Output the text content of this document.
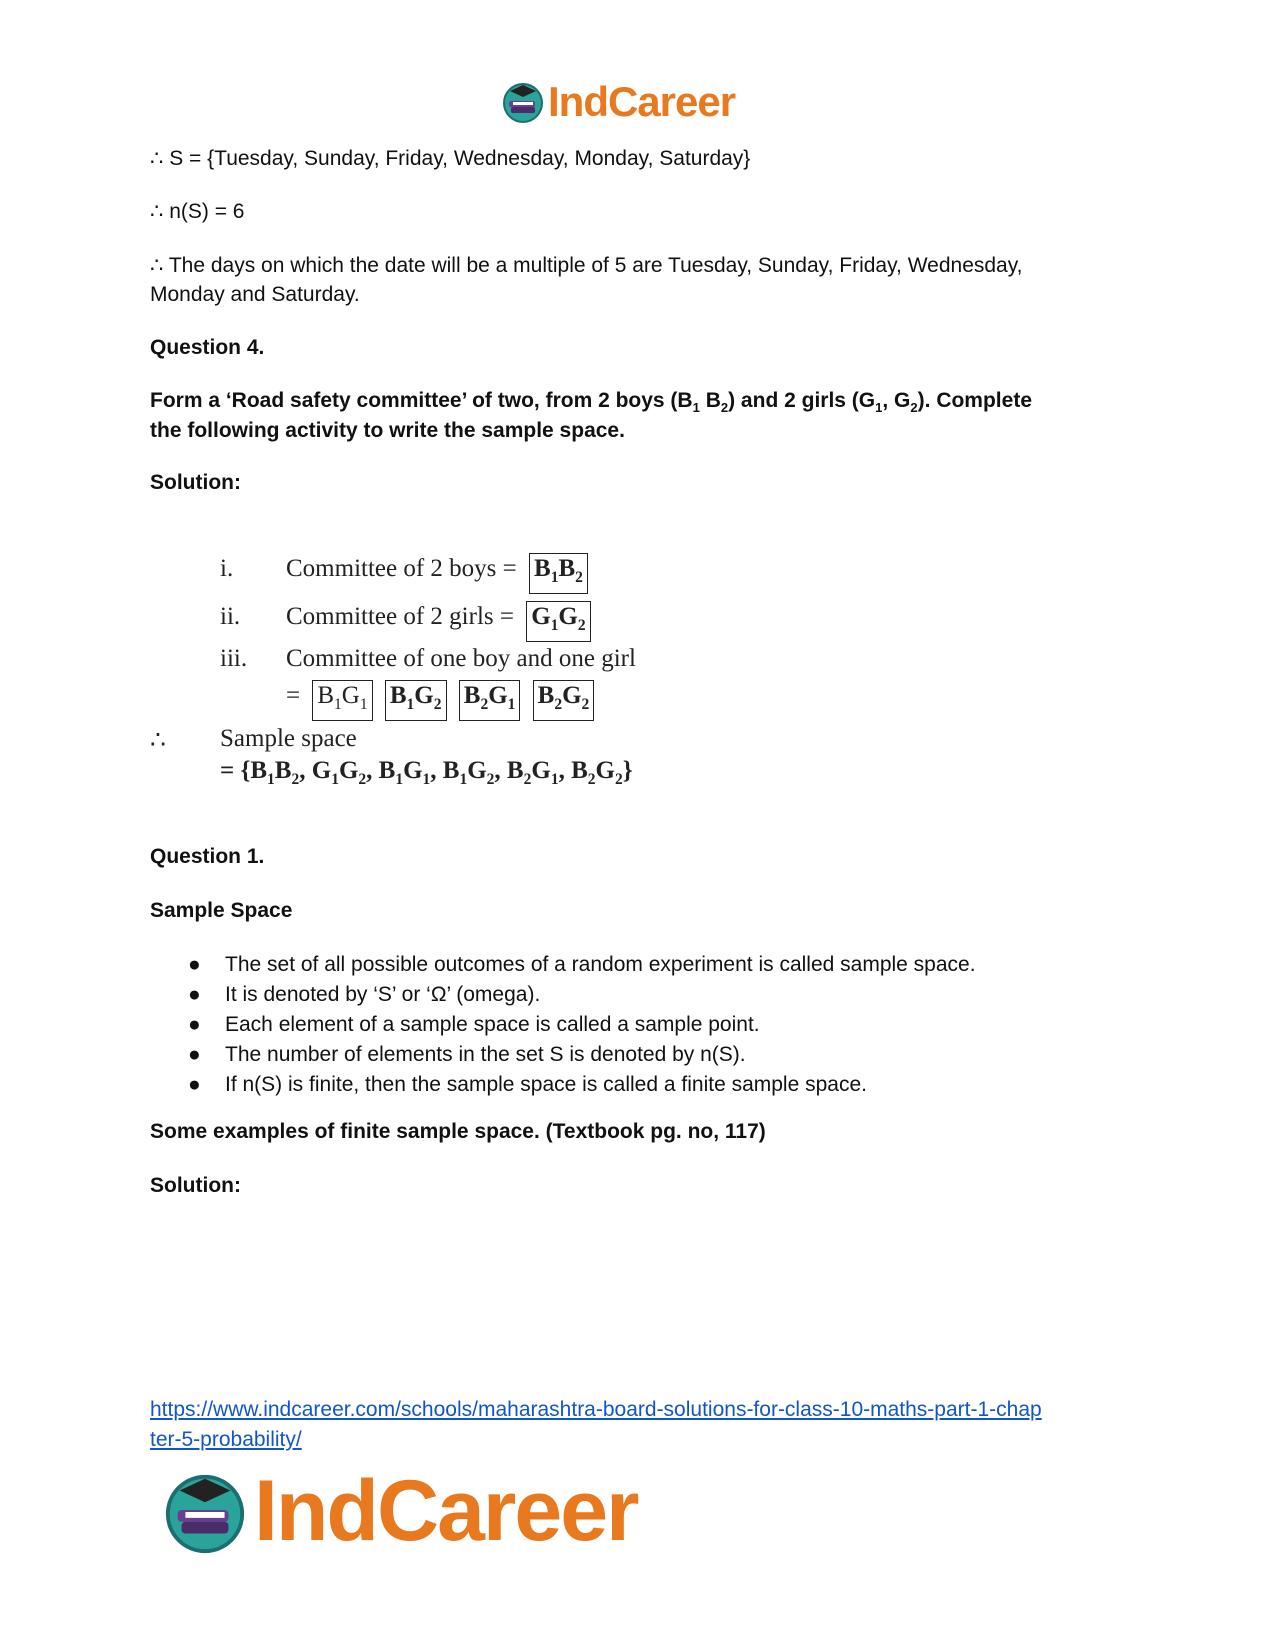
IndCareer
∴ S = {Tuesday, Sunday, Friday, Wednesday, Monday, Saturday}
∴ n(S) = 6
∴ The days on which the date will be a multiple of 5 are Tuesday, Sunday, Friday, Wednesday,
Monday and Saturday.
Question 4.
Form a ‘Road safety committee’ of two, from 2 boys ($B_1$ $B_2$) and 2 girls ($G_1$, $G_2$). Complete
the following activity to write the sample space.
Solution:
i. Committee of 2 boys = $B_1B_2$
ii. Committee of 2 girls = $G_1G_2$
iii. Committee of one boy and one girl
= $B_1G_1$ $B_1G_2$ $B_2G_1$ $B_2G_2$
∴ Sample space
= {$B_1B_2$, $G_1G_2$, $B_1G_1$, $B_1G_2$, $B_2G_1$, $B_2G_2$}
Question 1.
Sample Space
●	The set of all possible outcomes of a random experiment is called sample space.
●	It is denoted by ‘S’ or ‘Ω’ (omega).
●	Each element of a sample space is called a sample point.
●	The number of elements in the set S is denoted by n(S).
●	If n(S) is finite, then the sample space is called a finite sample space.
Some examples of finite sample space. (Textbook pg. no, 117)
Solution:
https://www.indcareer.com/schools/maharashtra-board-solutions-for-class-10-maths-part-1-chap
ter-5-probability/
IndCareer
